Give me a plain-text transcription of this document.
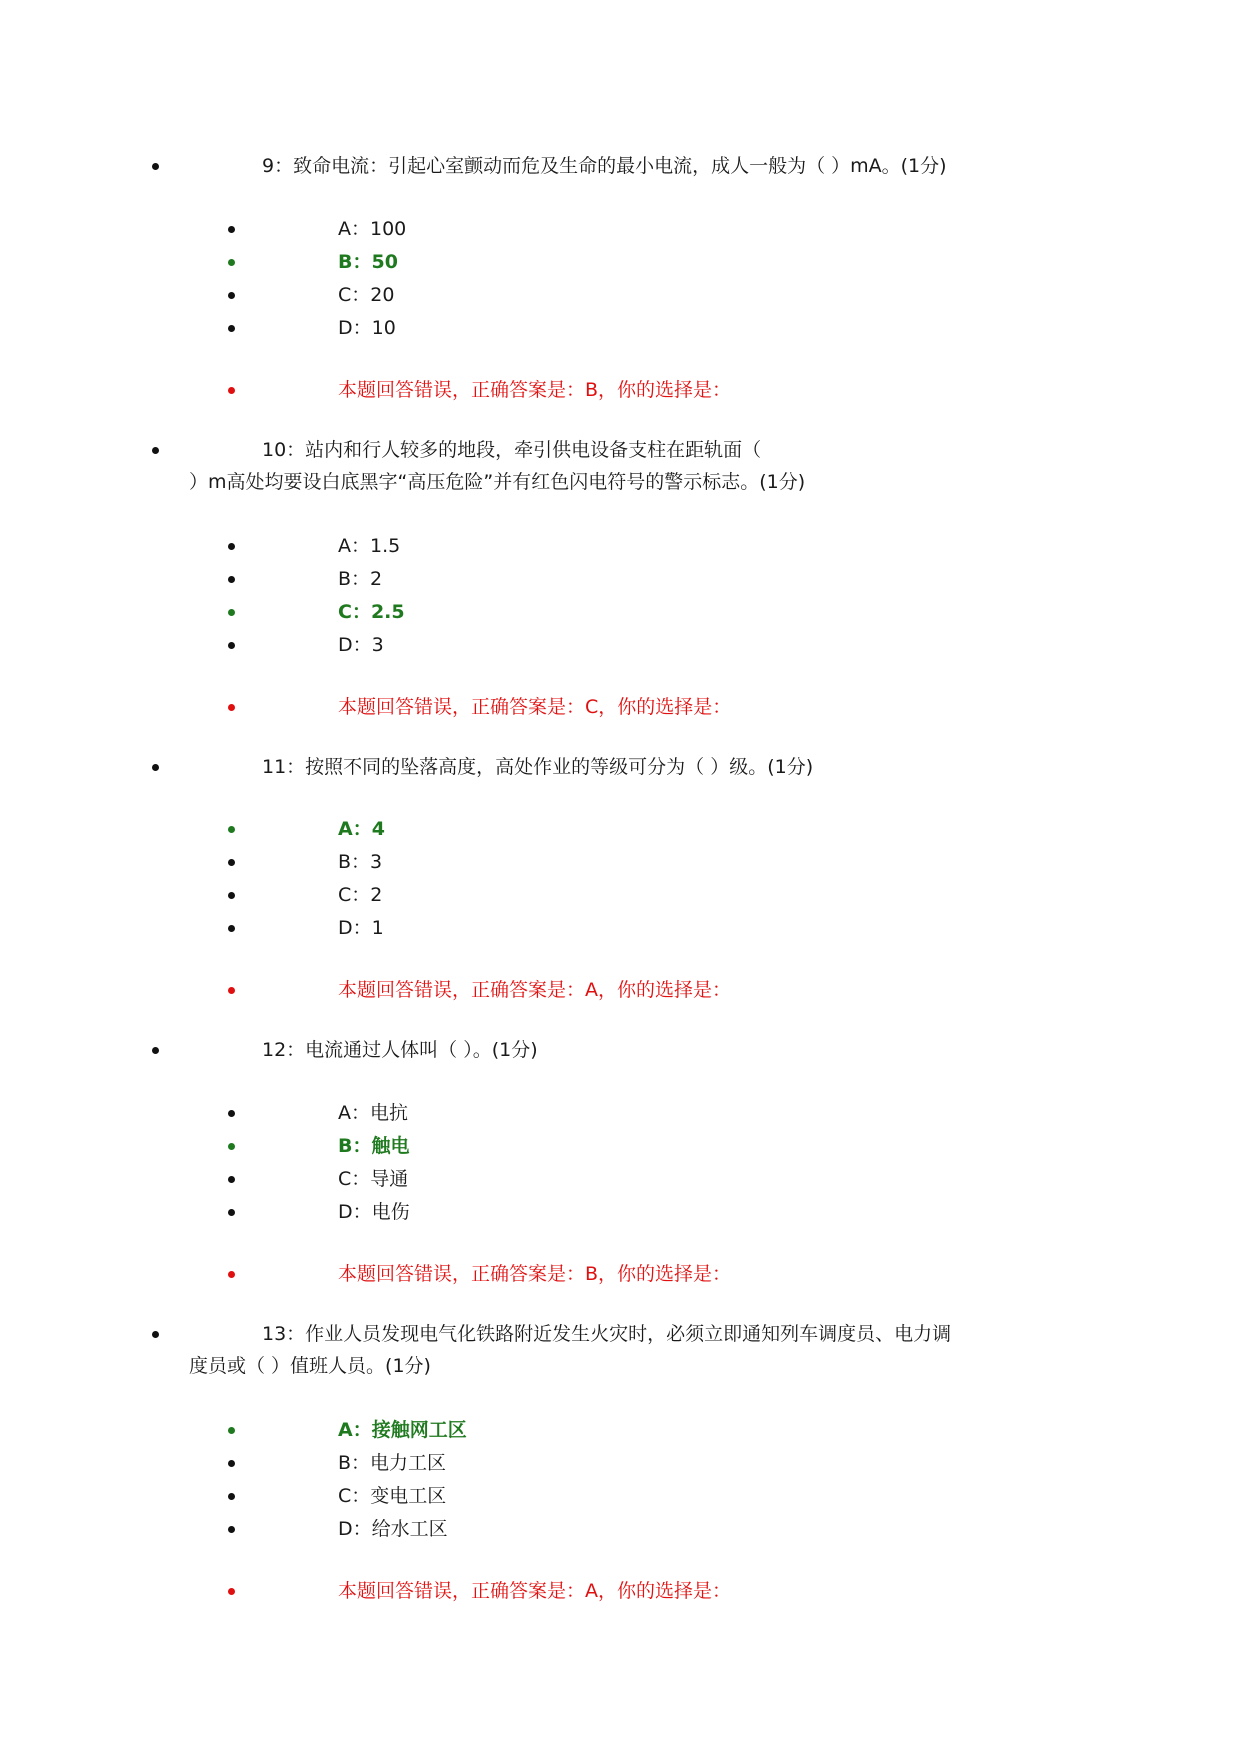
9：致命电流：引起心室颤动而危及生命的最小电流，成人一般为（ ）mA。(1分)
A：100
B：50
C：20
D：10
本题回答错误，正确答案是：B，你的选择是：
10：站内和行人较多的地段，牵引供电设备支柱在距轨面（
）m高处均要设白底黑字“高压危险”并有红色闪电符号的警示标志。(1分)
A：1.5
B：2
C：2.5
D：3
本题回答错误，正确答案是：C，你的选择是：
11：按照不同的坠落高度，高处作业的等级可分为（ ）级。(1分)
A：4
B：3
C：2
D：1
本题回答错误，正确答案是：A，你的选择是：
12：电流通过人体叫（ ）。(1分)
A：电抗
B：触电
C：导通
D：电伤
本题回答错误，正确答案是：B，你的选择是：
13：作业人员发现电气化铁路附近发生火灾时，必须立即通知列车调度员、电力调
度员或（ ）值班人员。(1分)
A：接触网工区
B：电力工区
C：变电工区
D：给水工区
本题回答错误，正确答案是：A，你的选择是：
